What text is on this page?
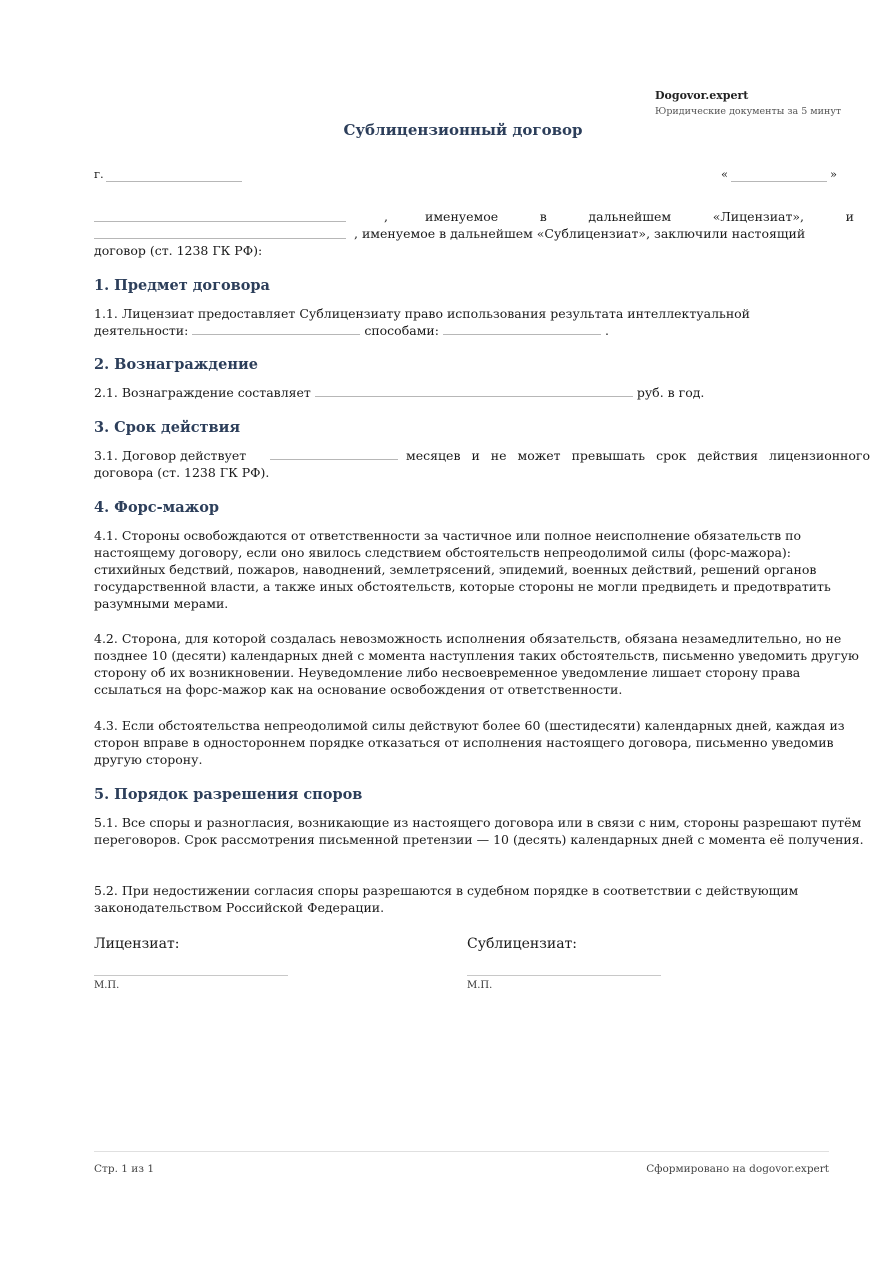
Dogovor.expert
Юридические документы за 5 минут
Сублицензионный договор
г.	«	»
,	именуемое	в	дальнейшем	«Лицензиат»,	и
, именуемое в дальнейшем «Сублицензиат», заключили настоящий
договор (ст. 1238 ГК РФ):
1. Предмет договора
1.1. Лицензиат предоставляет Сублицензиату право использования результата интеллектуальной
деятельности:	способами:	.
2. Вознаграждение
2.1. Вознаграждение составляет	руб. в год.
3. Срок действия
3.1. Договор действует	месяцев и не может превышать срок действия лицензионного
договора (ст. 1238 ГК РФ).
4. Форс-мажор
4.1. Стороны освобождаются от ответственности за частичное или полное неисполнение обязательств по настоящему договору, если оно явилось следствием обстоятельств непреодолимой силы (форс-мажора): стихийных бедствий, пожаров, наводнений, землетрясений, эпидемий, военных действий, решений органов государственной власти, а также иных обстоятельств, которые стороны не могли предвидеть и предотвратить разумными мерами.
4.2. Сторона, для которой создалась невозможность исполнения обязательств, обязана незамедлительно, но не позднее 10 (десяти) календарных дней с момента наступления таких обстоятельств, письменно уведомить другую сторону об их возникновении. Неуведомление либо несвоевременное уведомление лишает сторону права ссылаться на форс-мажор как на основание освобождения от ответственности.
4.3. Если обстоятельства непреодолимой силы действуют более 60 (шестидесяти) календарных дней, каждая из сторон вправе в одностороннем порядке отказаться от исполнения настоящего договора, письменно уведомив другую сторону.
5. Порядок разрешения споров
5.1. Все споры и разногласия, возникающие из настоящего договора или в связи с ним, стороны разрешают путём переговоров. Срок рассмотрения письменной претензии — 10 (десять) календарных дней с момента её получения.
5.2. При недостижении согласия споры разрешаются в судебном порядке в соответствии с действующим законодательством Российской Федерации.
Лицензиат:	Сублицензиат:
М.П.	М.П.
Стр. 1 из 1	Сформировано на dogovor.expert
